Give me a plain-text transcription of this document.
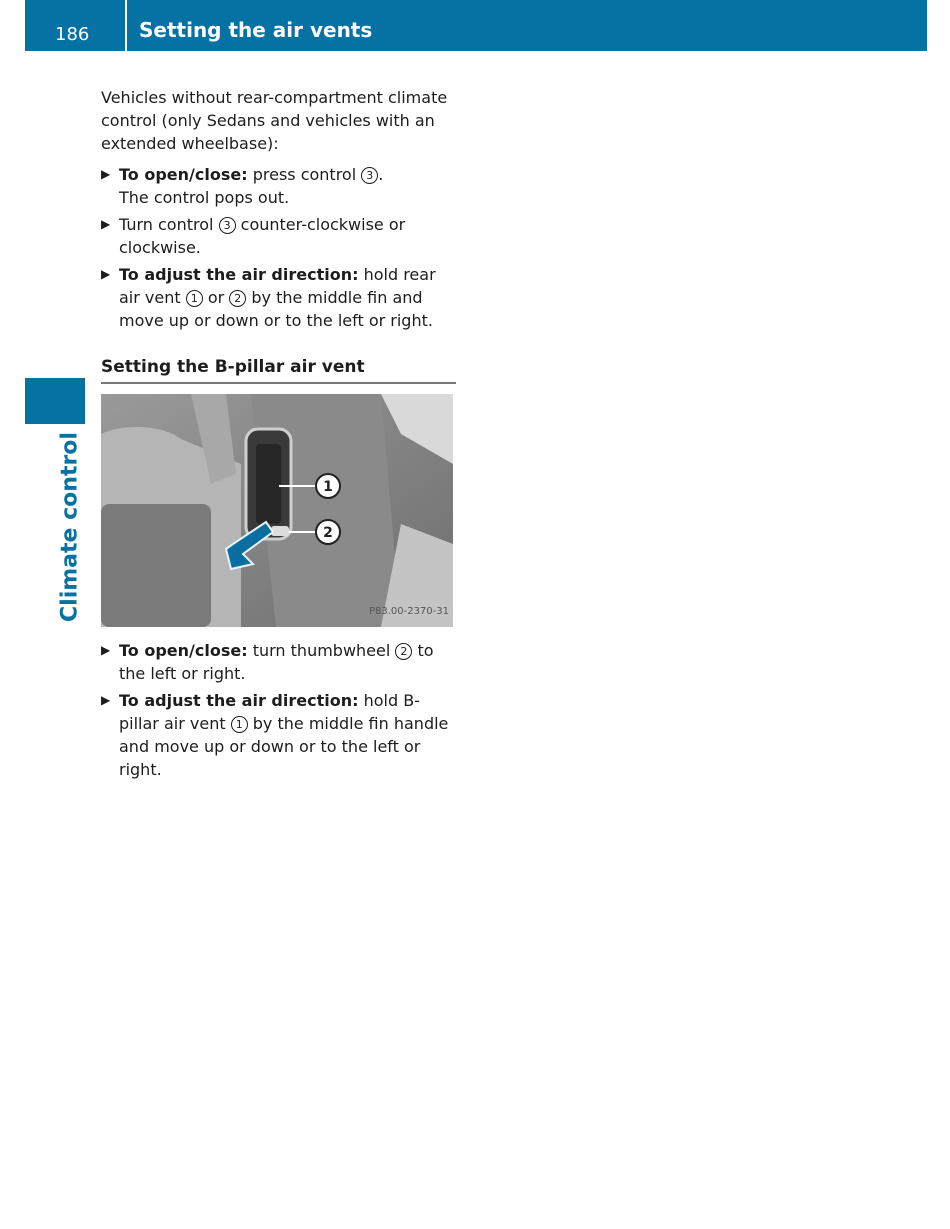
186 Setting the air vents
Climate control

Vehicles without rear-compartment climate control (only Sedans and vehicles with an extended wheelbase):

▶ To open/close: press control 3 .
The control pops out.
▶ Turn control 3 counter-clockwise or clockwise.
▶ To adjust the air direction: hold rear air vent 1 or 2 by the middle fin and move up or down or to the left or right.
Setting the B-pillar air vent
1
2
P83.00-2370-31
▶ To open/close: turn thumbwheel 2 to the left or right.
▶ To adjust the air direction: hold B-pillar air vent 1 by the middle fin handle and move up or down or to the left or right.
